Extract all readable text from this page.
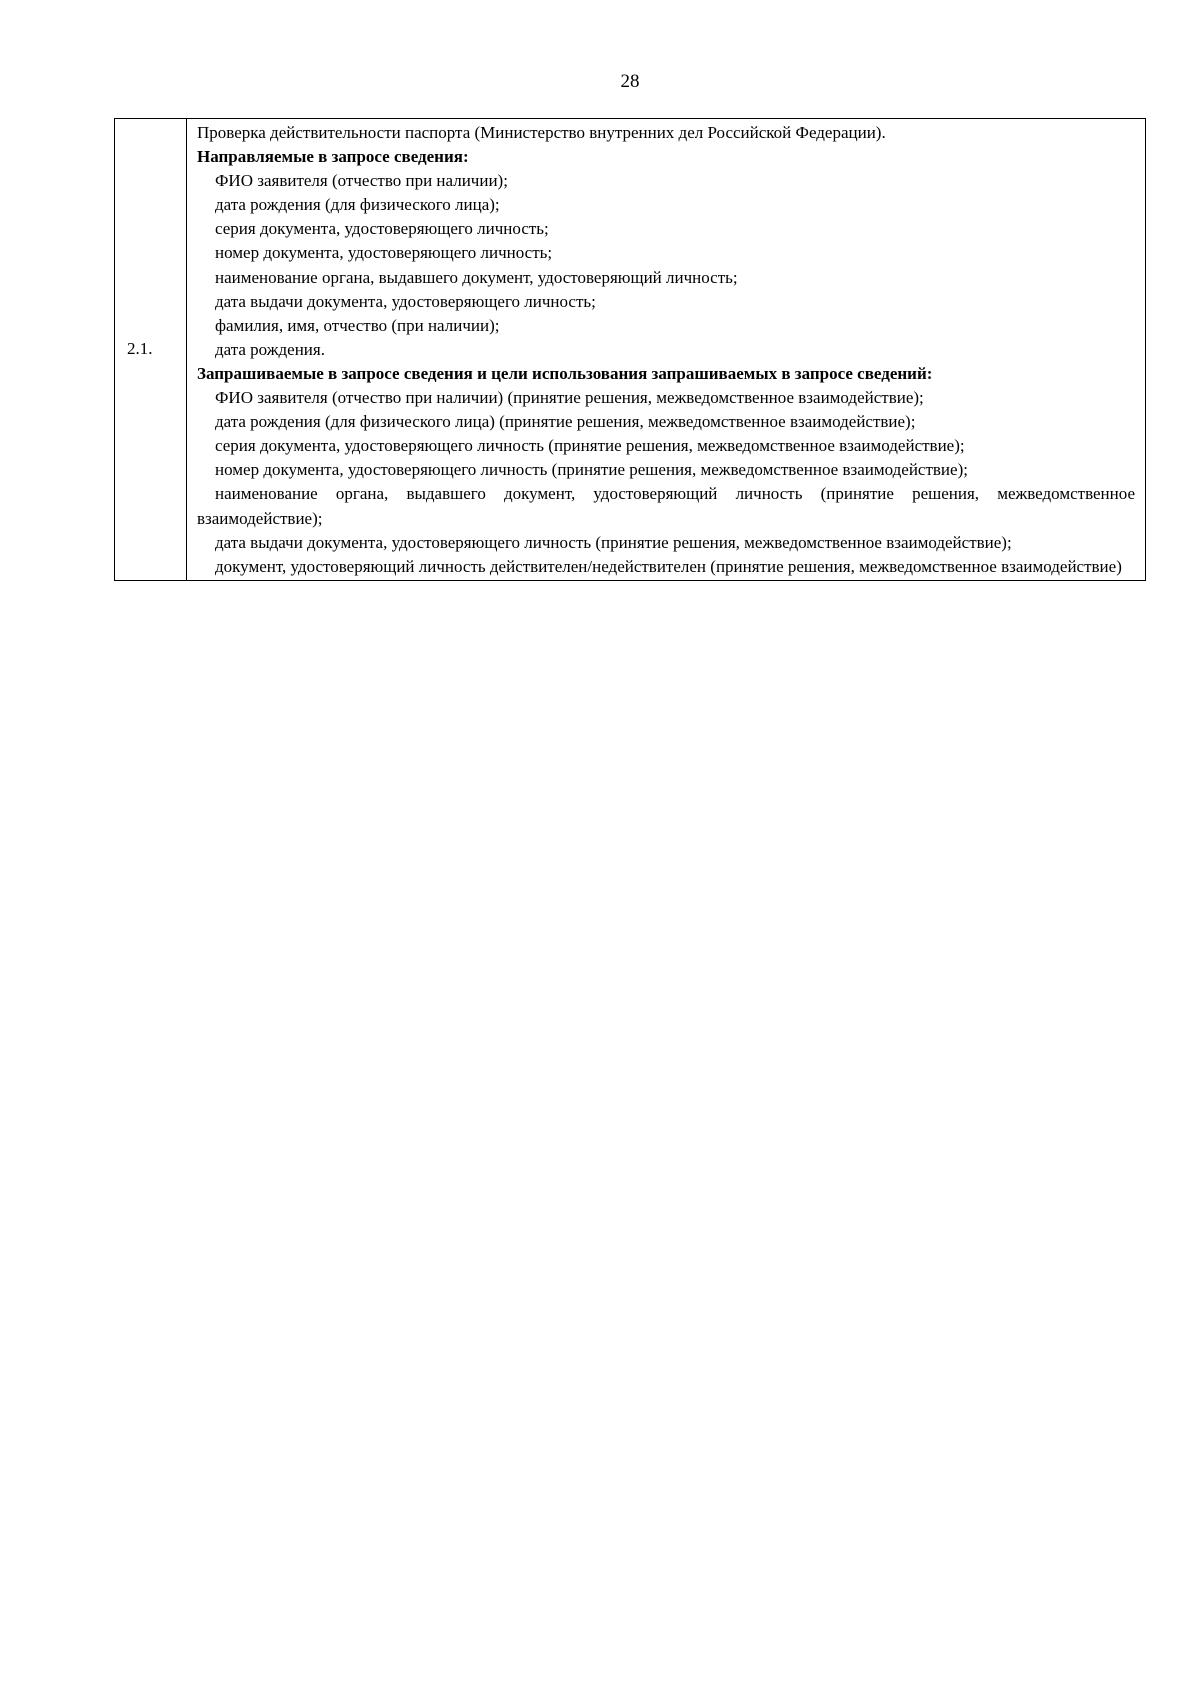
28
2.1.	
Проверка действительности паспорта (Министерство внутренних дел Российской Федерации).
Направляемые в запросе сведения:
ФИО заявителя (отчество при наличии);
дата рождения (для физического лица);
серия документа, удостоверяющего личность;
номер документа, удостоверяющего личность;
наименование органа, выдавшего документ, удостоверяющий личность;
дата выдачи документа, удостоверяющего личность;
фамилия, имя, отчество (при наличии);
дата рождения.
Запрашиваемые в запросе сведения и цели использования запрашиваемых в запросе сведений:
ФИО заявителя (отчество при наличии) (принятие решения, межведомственное взаимодействие);
дата рождения (для физического лица) (принятие решения, межведомственное взаимодействие);
серия документа, удостоверяющего личность (принятие решения, межведомственное взаимодействие);
номер документа, удостоверяющего личность (принятие решения, межведомственное взаимодействие);
наименование органа, выдавшего документ, удостоверяющий личность (принятие решения, межведомственное взаимодействие);
дата выдачи документа, удостоверяющего личность (принятие решения, межведомственное взаимодействие);
документ, удостоверяющий личность действителен/недействителен (принятие решения, межведомственное взаимодействие)
